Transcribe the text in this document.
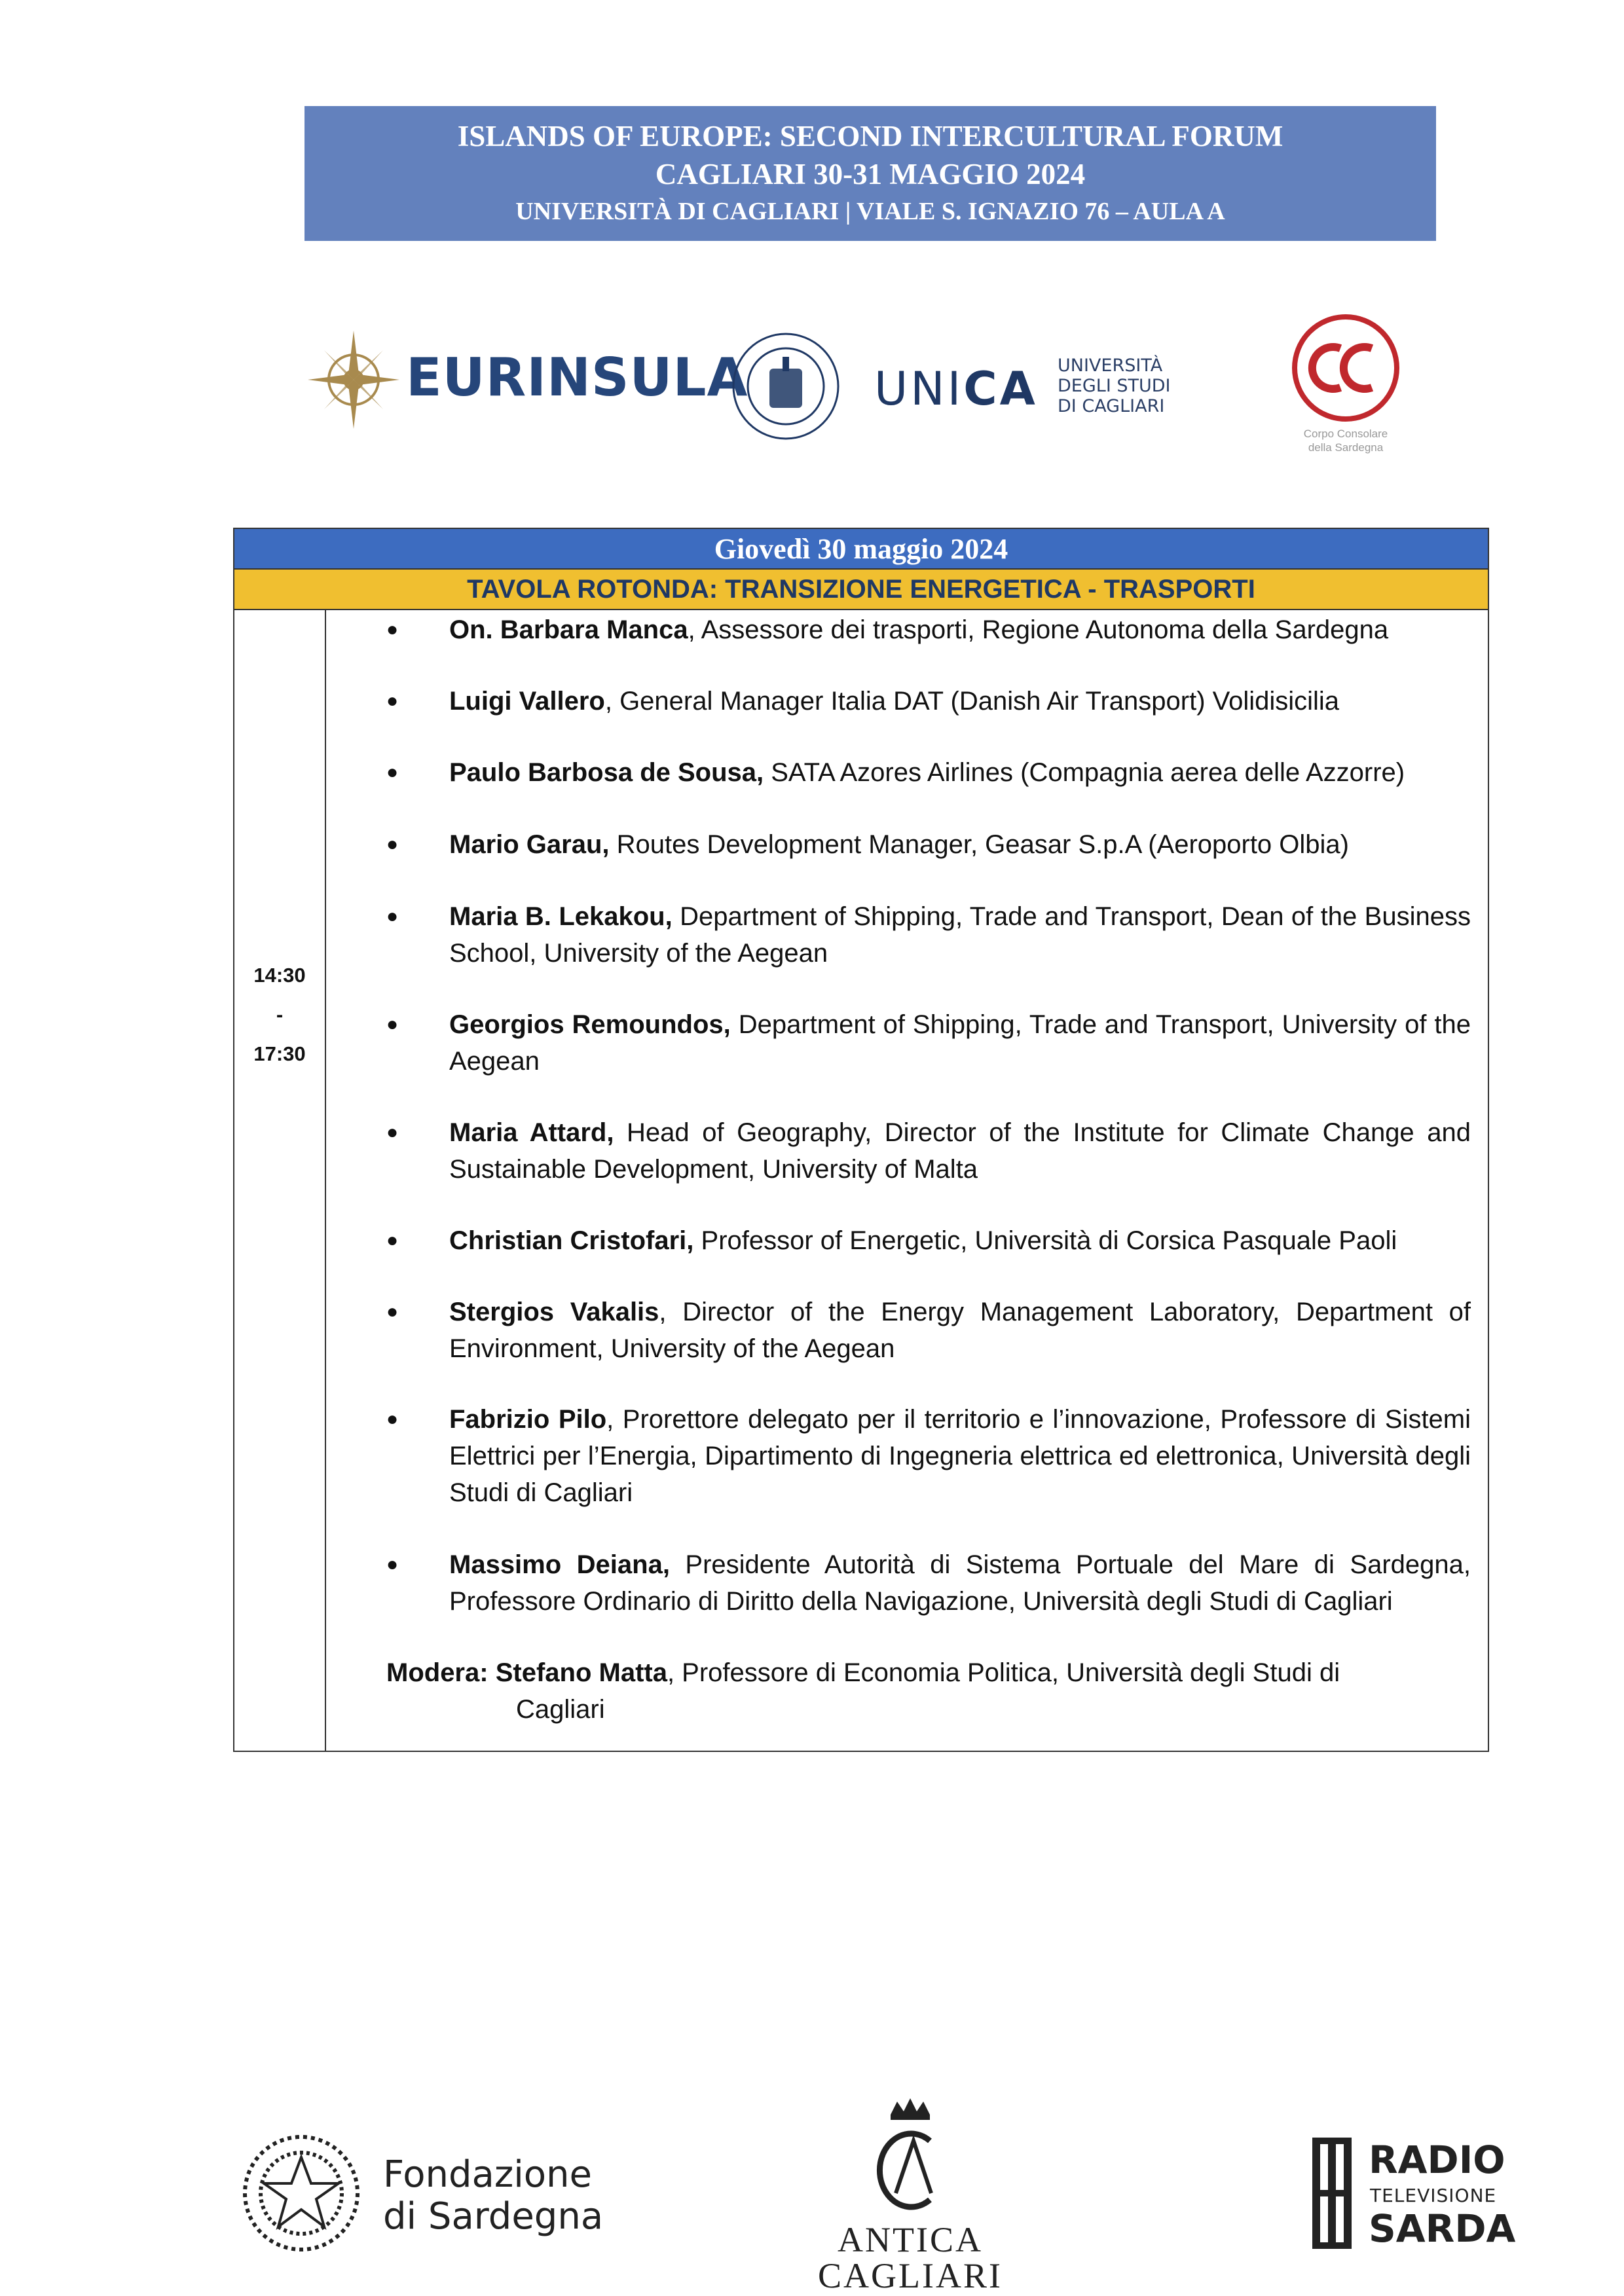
ISLANDS OF EUROPE: SECOND INTERCULTURAL FORUM
CAGLIARI 30-31 MAGGIO 2024
UNIVERSITÀ DI CAGLIARI | VIALE S. IGNAZIO 76 – AULA A
EURINSULA	UNICA UNIVERSITÀ
DEGLI STUDI
DI CAGLIARI
Corpo Consolare
della Sardegna
Giovedì 30 maggio 2024
TAVOLA ROTONDA: TRANSIZIONE ENERGETICA - TRASPORTI
14:30
-
17:30
●	On. Barbara Manca, Assessore dei trasporti, Regione Autonoma della Sardegna
●	Luigi Vallero, General Manager Italia DAT (Danish Air Transport) Volidisicilia
●	Paulo Barbosa de Sousa, SATA Azores Airlines (Compagnia aerea delle Azzorre)
●	Mario Garau, Routes Development Manager, Geasar S.p.A (Aeroporto Olbia)
●	Maria B. Lekakou, Department of Shipping, Trade and Transport, Dean of the Business School, University of the Aegean
●	Georgios Remoundos, Department of Shipping, Trade and Transport, University of the Aegean
●	Maria Attard, Head of Geography, Director of the Institute for Climate Change and Sustainable Development, University of Malta
●	Christian Cristofari, Professor of Energetic, Università di Corsica Pasquale Paoli
●	Stergios Vakalis, Director of the Energy Management Laboratory, Department of Environment, University of the Aegean
●	Fabrizio Pilo, Prorettore delegato per il territorio e l’innovazione, Professore di Sistemi Elettrici per l’Energia, Dipartimento di Ingegneria elettrica ed elettronica, Università degli Studi di Cagliari
●	Massimo Deiana, Presidente Autorità di Sistema Portuale del Mare di Sardegna, Professore Ordinario di Diritto della Navigazione, Università degli Studi di Cagliari
Modera: Stefano Matta, Professore di Economia Politica, Università degli Studi di
Cagliari
Fondazione
di Sardegna
ANTICA
CAGLIARI
RADIO
TELEVISIONE
SARDA
